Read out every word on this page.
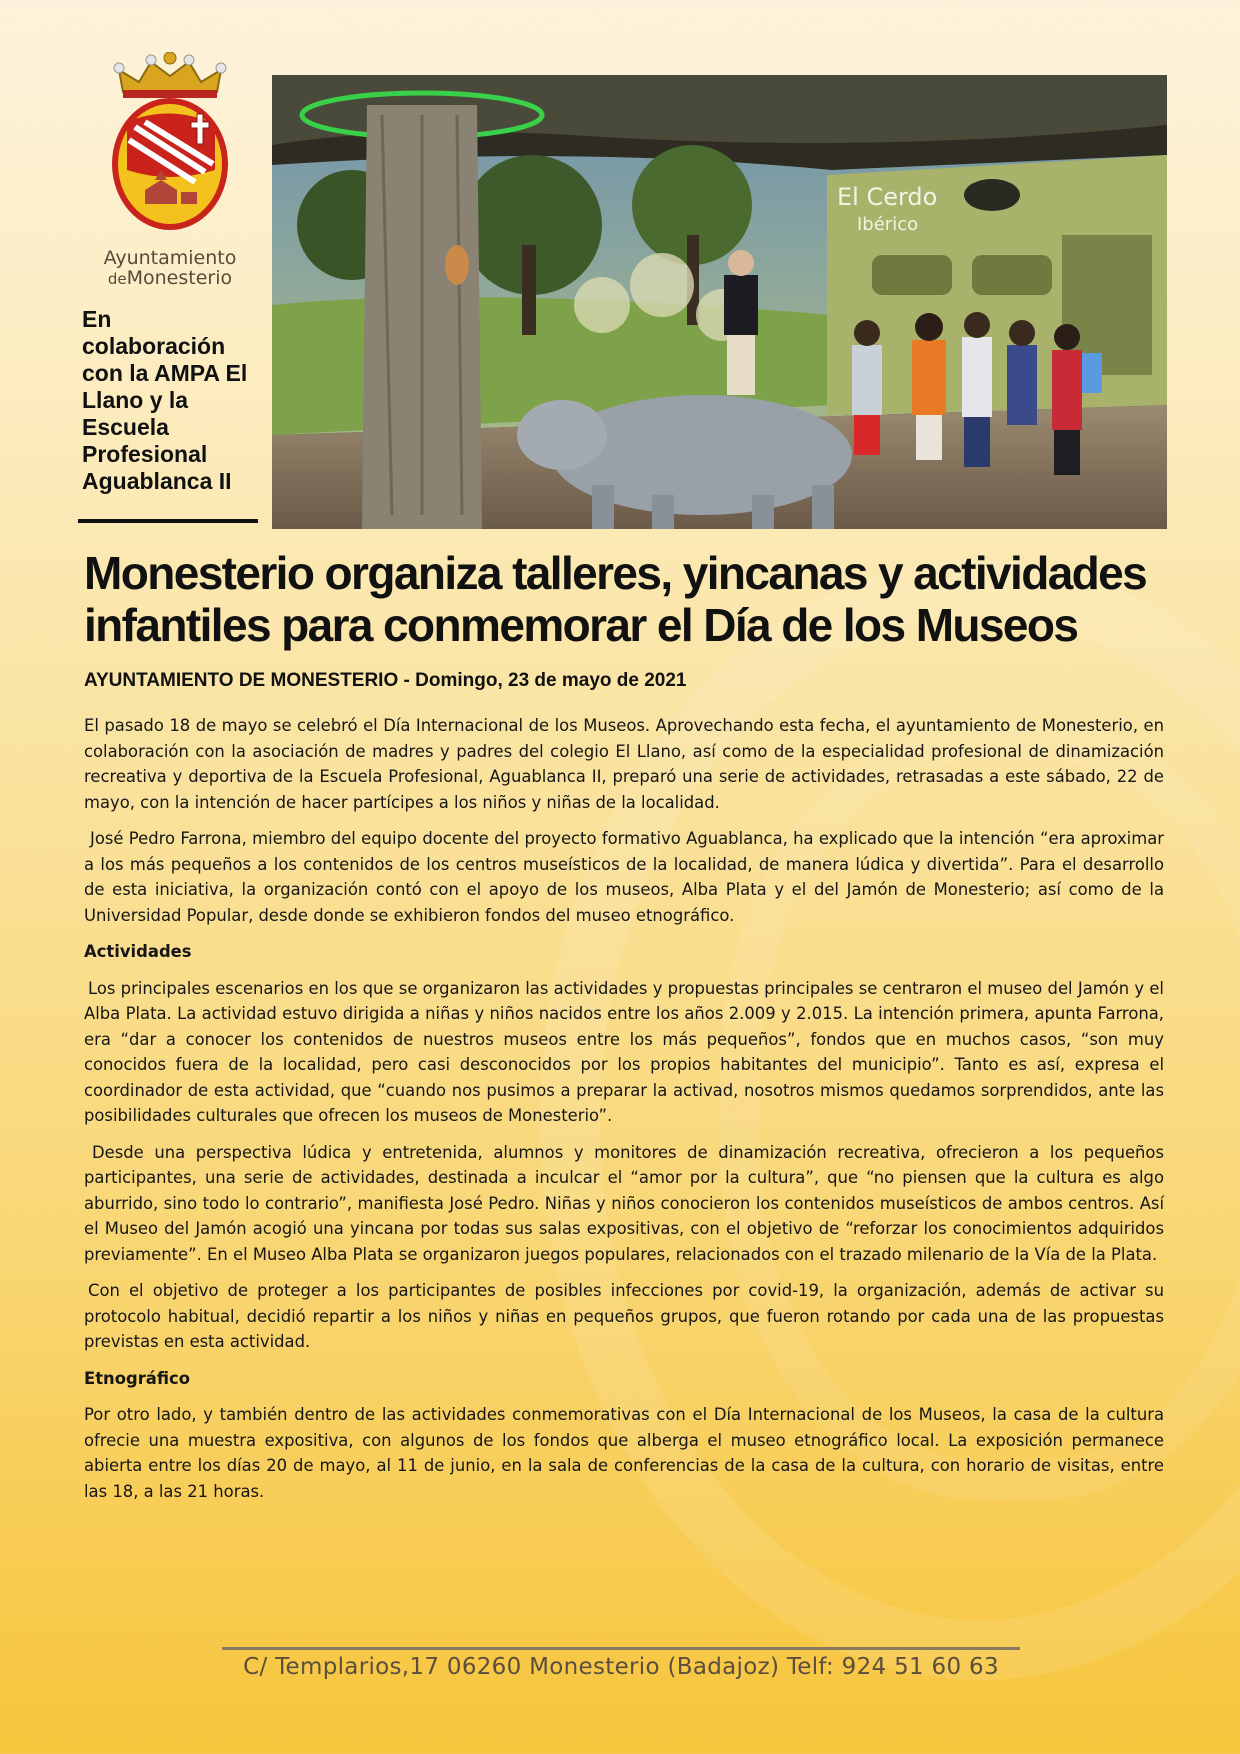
Ayuntamiento
deMonesterio
En colaboración con la AMPA El Llano y la Escuela Profesional Aguablanca II
El Cerdo
Ibérico
Monesterio organiza talleres, yincanas y actividades infantiles para conmemorar el Día de los Museos
AYUNTAMIENTO DE MONESTERIO - Domingo, 23 de mayo de 2021

El pasado 18 de mayo se celebró el Día Internacional de los Museos. Aprovechando esta fecha, el ayuntamiento de Monesterio, en colaboración con la asociación de madres y padres del colegio El Llano, así como de la especialidad profesional de dinamización recreativa y deportiva de la Escuela Profesional, Aguablanca II, preparó una serie de actividades, retrasadas a este sábado, 22 de mayo, con la intención de hacer partícipes a los niños y niñas de la localidad.

José Pedro Farrona, miembro del equipo docente del proyecto formativo Aguablanca, ha explicado que la intención “era aproximar a los más pequeños a los contenidos de los centros museísticos de la localidad, de manera lúdica y divertida”. Para el desarrollo de esta iniciativa, la organización contó con el apoyo de los museos, Alba Plata y el del Jamón de Monesterio; así como de la Universidad Popular, desde donde se exhibieron fondos del museo etnográfico.

Actividades

Los principales escenarios en los que se organizaron las actividades y propuestas principales se centraron el museo del Jamón y el Alba Plata. La actividad estuvo dirigida a niñas y niños nacidos entre los años 2.009 y 2.015. La intención primera, apunta Farrona, era “dar a conocer los contenidos de nuestros museos entre los más pequeños”, fondos que en muchos casos, “son muy conocidos fuera de la localidad, pero casi desconocidos por los propios habitantes del municipio”. Tanto es así, expresa el coordinador de esta actividad, que “cuando nos pusimos a preparar la activad, nosotros mismos quedamos sorprendidos, ante las posibilidades culturales que ofrecen los museos de Monesterio”.

Desde una perspectiva lúdica y entretenida, alumnos y monitores de dinamización recreativa, ofrecieron a los pequeños participantes, una serie de actividades, destinada a inculcar el “amor por la cultura”, que “no piensen que la cultura es algo aburrido, sino todo lo contrario”, manifiesta José Pedro. Niñas y niños conocieron los contenidos museísticos de ambos centros. Así el Museo del Jamón acogió una yincana por todas sus salas expositivas, con el objetivo de “reforzar los conocimientos adquiridos previamente”. En el Museo Alba Plata se organizaron juegos populares, relacionados con el trazado milenario de la Vía de la Plata.

Con el objetivo de proteger a los participantes de posibles infecciones por covid-19, la organización, además de activar su protocolo habitual, decidió repartir a los niños y niñas en pequeños grupos, que fueron rotando por cada una de las propuestas previstas en esta actividad.

Etnográfico

Por otro lado, y también dentro de las actividades conmemorativas con el Día Internacional de los Museos, la casa de la cultura ofrecie una muestra expositiva, con algunos de los fondos que alberga el museo etnográfico local. La exposición permanece abierta entre los días 20 de mayo, al 11 de junio, en la sala de conferencias de la casa de la cultura, con horario de visitas, entre las 18, a las 21 horas.

C/ Templarios,17 06260 Monesterio (Badajoz) Telf: 924 51 60 63
